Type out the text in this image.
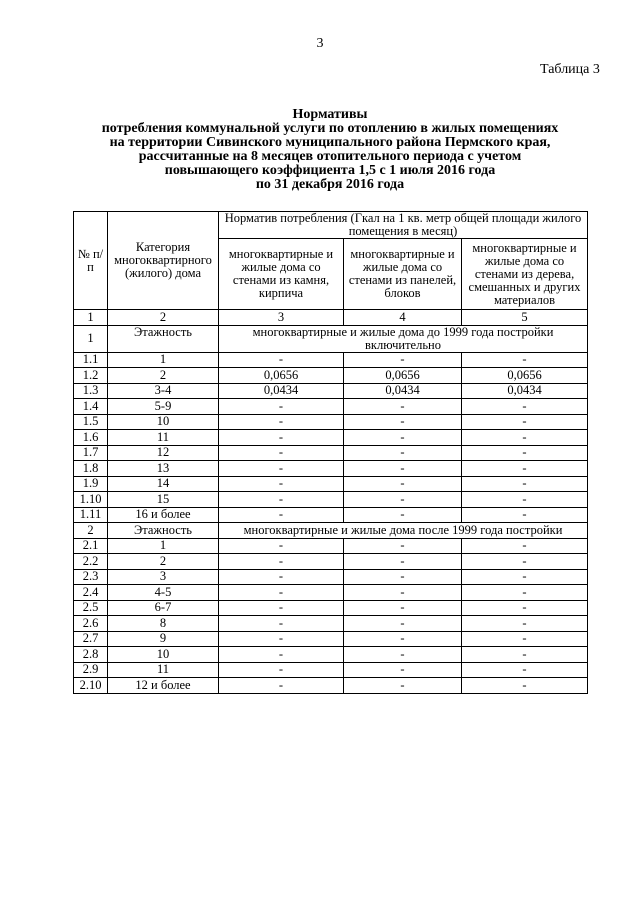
3
Таблица 3
Нормативы
потребления коммунальной услуги по отоплению в жилых помещениях
на территории Сивинского муниципального района Пермского края,
рассчитанные на 8 месяцев отопительного периода с учетом
повышающего коэффициента 1,5 с 1 июля 2016 года
по 31 декабря 2016 года
№ п/п	Категория многоквартирного (жилого) дома	Норматив потребления (Гкал на 1 кв. метр общей площади жилого помещения в месяц)		
		многоквартирные и жилые дома со стенами из камня, кирпича	многоквартирные и жилые дома со стенами из панелей, блоков	многоквартирные и жилые дома со стенами из дерева, смешанных и других материалов
1	2	3	4	5
1	Этажность	многоквартирные и жилые дома до 1999 года постройки включительно		
1.1	1	-	-	-
1.2	2	0,0656	0,0656	0,0656
1.3	3-4	0,0434	0,0434	0,0434
1.4	5-9	-	-	-
1.5	10	-	-	-
1.6	11	-	-	-
1.7	12	-	-	-
1.8	13	-	-	-
1.9	14	-	-	-
1.10	15	-	-	-
1.11	16 и более	-	-	-
2	Этажность	многоквартирные и жилые дома после 1999 года постройки		
2.1	1	-	-	-
2.2	2	-	-	-
2.3	3	-	-	-
2.4	4-5	-	-	-
2.5	6-7	-	-	-
2.6	8	-	-	-
2.7	9	-	-	-
2.8	10	-	-	-
2.9	11	-	-	-
2.10	12 и более	-	-	-
